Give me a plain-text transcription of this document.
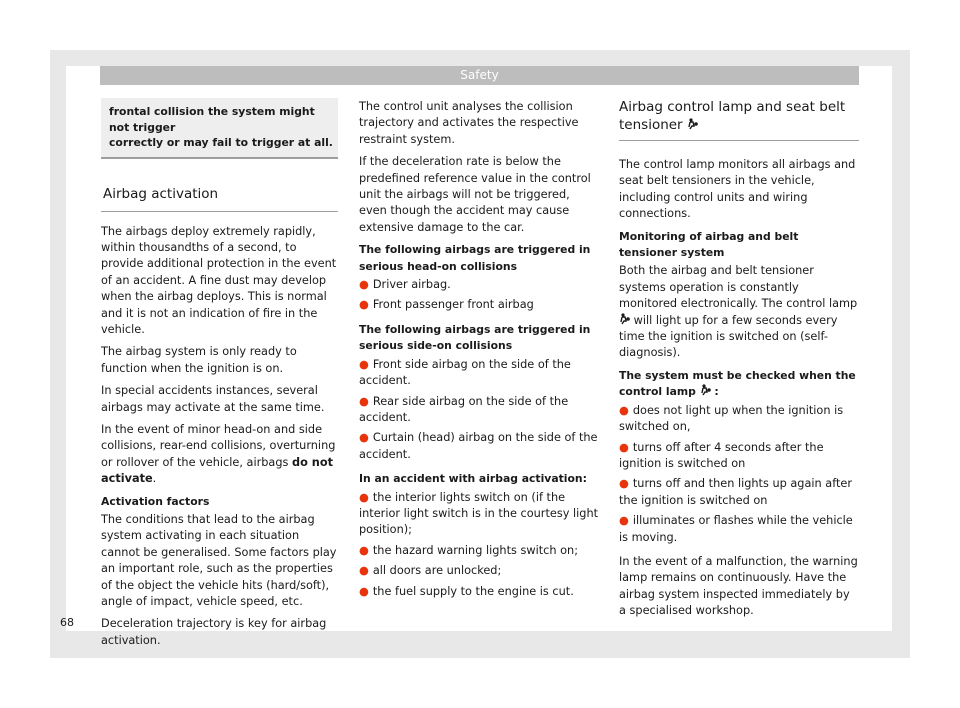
Safety
frontal collision the system might not trigger
correctly or may fail to trigger at all.
Airbag activation

The airbags deploy extremely rapidly, within thousandths of a second, to provide additional protection in the event of an accident. A fine dust may develop when the airbag deploys. This is normal and it is not an indication of fire in the vehicle.

The airbag system is only ready to function when the ignition is on.

In special accidents instances, several airbags may activate at the same time.

In the event of minor head-on and side collisions, rear-end collisions, overturning or rollover of the vehicle, airbags do not activate.

Activation factors

The conditions that lead to the airbag system activating in each situation cannot be generalised. Some factors play an important role, such as the properties of the object the vehicle hits (hard/soft), angle of impact, vehicle speed, etc.

Deceleration trajectory is key for airbag activation.

The control unit analyses the collision trajectory and activates the respective restraint system.

If the deceleration rate is below the predefined reference value in the control unit the airbags will not be triggered, even though the accident may cause extensive damage to the car.

The following airbags are triggered in serious head-on collisions

● Driver airbag.
● Front passenger front airbag

The following airbags are triggered in serious side-on collisions

● Front side airbag on the side of the accident.
● Rear side airbag on the side of the accident.
● Curtain (head) airbag on the side of the accident.

In an accident with airbag activation:

● the interior lights switch on (if the interior light switch is in the courtesy light position);
● the hazard warning lights switch on;
● all doors are unlocked;
● the fuel supply to the engine is cut.
Airbag control lamp and seat belt tensioner

The control lamp monitors all airbags and seat belt tensioners in the vehicle, including control units and wiring connections.

Monitoring of airbag and belt tensioner system

Both the airbag and belt tensioner systems operation is constantly monitored electronically. The control lamp  will light up for a few seconds every time the ignition is switched on (self-diagnosis).

The system must be checked when the control lamp  :

● does not light up when the ignition is switched on,
● turns off after 4 seconds after the ignition is switched on
● turns off and then lights up again after the ignition is switched on
● illuminates or flashes while the vehicle is moving.

In the event of a malfunction, the warning lamp remains on continuously. Have the airbag system inspected immediately by a specialised workshop.

68
